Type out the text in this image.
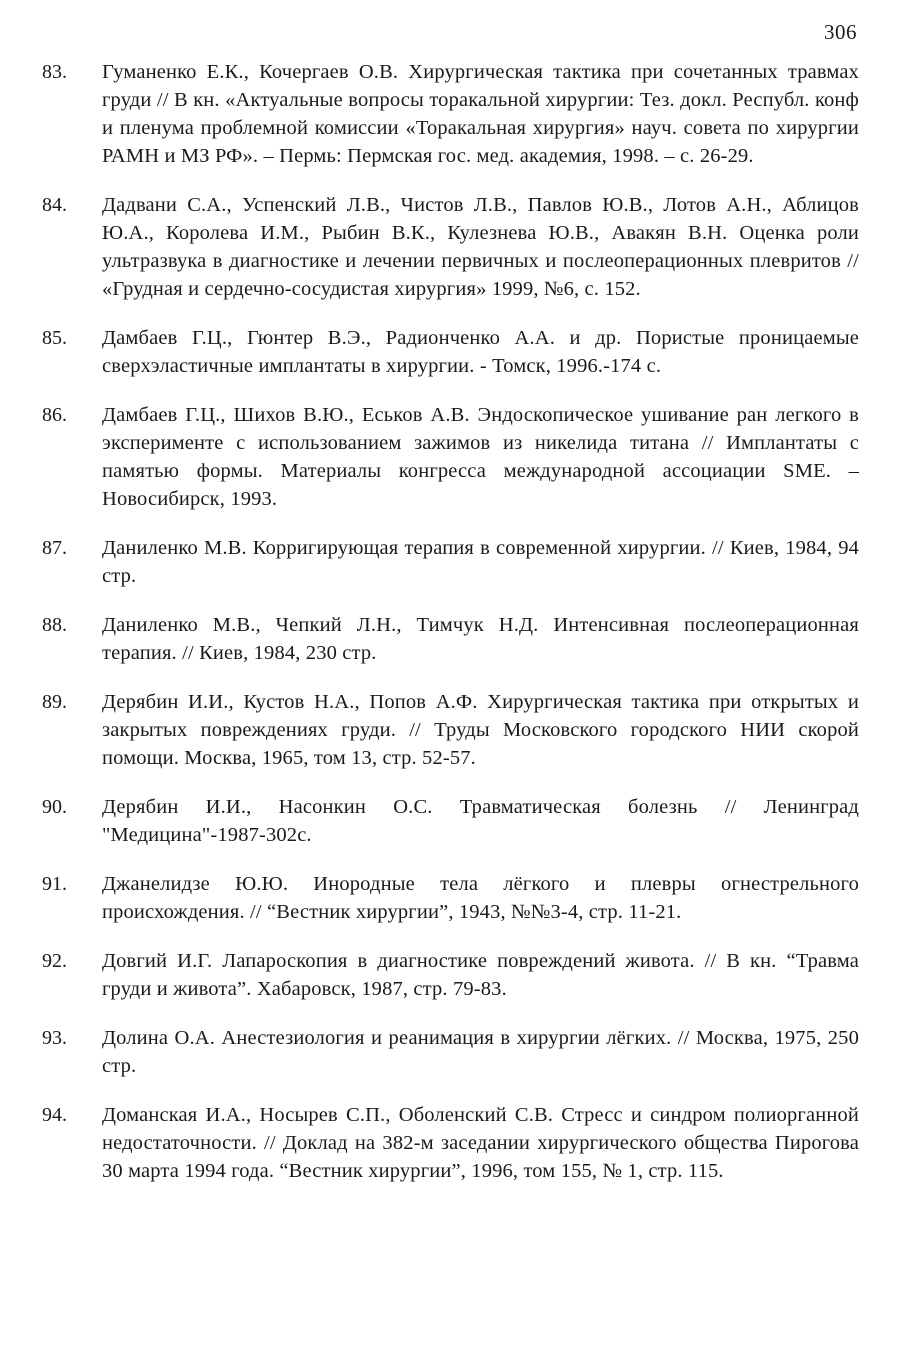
306
83. Гуманенко Е.К., Кочергаев О.В. Хирургическая тактика при сочетанных травмах груди // В кн. «Актуальные вопросы торакальной хирургии: Тез. докл. Республ. конф и пленума проблемной комиссии «Торакальная хирургия» науч. совета по хирургии РАМН и МЗ РФ». – Пермь: Пермская гос. мед. академия, 1998. – с. 26-29.
84. Дадвани С.А., Успенский Л.В., Чистов Л.В., Павлов Ю.В., Лотов А.Н., Аблицов Ю.А., Королева И.М., Рыбин В.К., Кулезнева Ю.В., Авакян В.Н. Оценка роли ультразвука в диагностике и лечении первичных и послеоперационных плевритов // «Грудная и сердечно-сосудистая хирургия» 1999, №6, с. 152.
85. Дамбаев Г.Ц., Гюнтер В.Э., Радионченко А.А. и др. Пористые проницаемые сверхэластичные имплантаты в хирургии. - Томск, 1996.-174 с.
86. Дамбаев Г.Ц., Шихов В.Ю., Еськов А.В. Эндоскопическое ушивание ран легкого в эксперименте с использованием зажимов из никелида титана // Имплантаты с памятью формы. Материалы конгресса международной ассоциации SME. – Новосибирск, 1993.
87. Даниленко М.В. Корригирующая терапия в современной хирургии. // Киев, 1984, 94 стр.
88. Даниленко М.В., Чепкий Л.Н., Тимчук Н.Д. Интенсивная послеоперационная терапия. // Киев, 1984, 230 стр.
89. Дерябин И.И., Кустов Н.А., Попов А.Ф. Хирургическая тактика при открытых и закрытых повреждениях груди. // Труды Московского городского НИИ скорой помощи. Москва, 1965, том 13, стр. 52-57.
90. Дерябин И.И., Насонкин О.С. Травматическая болезнь // Ленинград "Медицина"-1987-302с.
91. Джанелидзе Ю.Ю. Инородные тела лёгкого и плевры огнестрельного происхождения. // “Вестник хирургии”, 1943, №№3-4, стр. 11-21.
92. Довгий И.Г. Лапароскопия в диагностике повреждений живота. // В кн. “Травма груди и живота”. Хабаровск, 1987, стр. 79-83.
93. Долина О.А. Анестезиология и реанимация в хирургии лёгких. // Москва, 1975, 250 стр.
94. Доманская И.А., Носырев С.П., Оболенский С.В. Стресс и синдром полиорганной недостаточности. // Доклад на 382-м заседании хирургического общества Пирогова 30 марта 1994 года. “Вестник хирургии”, 1996, том 155, № 1, стр. 115.
